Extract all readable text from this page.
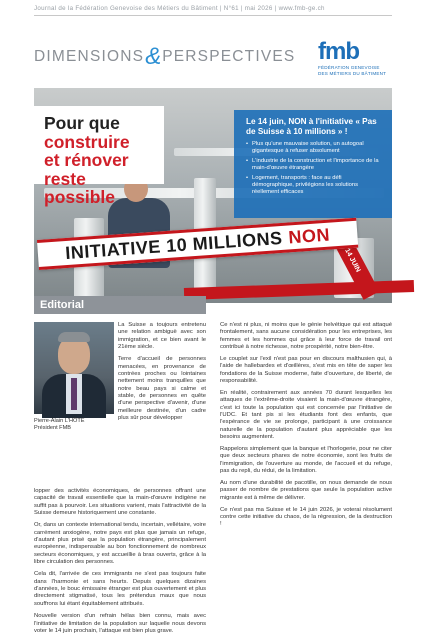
Journal de la Fédération Genevoise des Métiers du Bâtiment | N°61 | mai 2026 | www.fmb-ge.ch
DIMENSIONS&PERSPECTIVES fmb
FÉDÉRATION GENEVOISE
DES MÉTIERS DU BÂTIMENT
Pour que
construire
et rénover
reste possible
Le 14 juin, NON à l'initiative « Pas de Suisse à 10 millions » !
• Plus qu'une mauvaise solution, un autogoal gigantesque à refuser absolument
• L'industrie de la construction et l'importance de la main-d'œuvre étrangère
• Logement, transports : face au défi démographique, privilégions les solutions réellement efficaces
14 JUIN
INITIATIVE 10 MILLIONS NON
Editorial
Pierre-Alain L'HÔTE
Président FMB

La Suisse a toujours entretenu une relation ambiguë avec son immigration, et ce bien avant le 21ème siècle.

Terre d'accueil de personnes menacées, en provenance de contrées proches ou lointaines nettement moins tranquilles que notre beau pays si calme et stable, de personnes en quête d'une perspective d'avenir, d'une meilleure destinée, d'un cadre plus sûr pour développer

lopper des activités économiques, de personnes offrant une capacité de travail essentielle que la main-d'œuvre indigène ne suffit pas à pourvoir. Les situations varient, mais l'attractivité de la Suisse demeure historiquement une constante.

Or, dans un contexte international tendu, incertain, vellétaire, voire carrément anxiogène, notre pays est plus que jamais un refuge, d'autant plus prisé que la population étrangère, principalement européenne, indispensable au bon fonctionnement de nombreux secteurs économiques, y est accueillie à bras ouverts, grâce à la libre circulation des personnes.

Cela dit, l'arrivée de ces immigrants ne s'est pas toujours faite dans l'harmonie et sans heurts. Depuis quelques dizaines d'années, le bouc émissaire étranger est plus ouvertement et plus directement stigmatisé, tous les prétendus maux que nous souffrons lui étant équitablement attribués.

Nouvelle version d'un refrain hélas bien connu, mais avec l'initiative de limitation de la population sur laquelle nous devons voter le 14 juin prochain, l'attaque est bien plus grave.

Ce n'est ni plus, ni moins que le génie helvétique qui est attaqué frontalement, sans aucune considération pour les entreprises, les femmes et les hommes qui grâce à leur force de travail ont contribué à notre richesse, notre prospérité, notre bien-être.

Le couplet sur l'exil n'est pas pour en discours malthusien qui, à l'aide de hallebardes et d'œillères, s'est mis en tête de saper les fondations de la Suisse moderne, faite d'ouverture, de liberté, de responsabilité.

En réalité, contrairement aux années 70 durant lesquelles les attaques de l'extrême-droite visaient la main-d'œuvre étrangère, c'est ici toute la population qui est concernée par l'initiative de l'UDC. Et tant pis si les étudiants font des enfants, que l'espérance de vie se prolonge, participant à une croissance naturelle de la population d'autant plus appréciable que les besoins augmentent.

Rappelons simplement que la banque et l'horlogerie, pour ne citer que deux secteurs phares de notre économie, sont les fruits de l'immigration, de l'ouverture au monde, de l'accueil et du refuge, pas du repli, du rédui, de la limitation.

Au nom d'une durabilité de pacotille, on nous demande de nous passer de nombre de prestations que seule la population active migrante est à même de délivrer.

Ce n'est pas ma Suisse et le 14 juin 2026, je voterai résolument contre cette initiative du chaos, de la régression, de la destruction !
